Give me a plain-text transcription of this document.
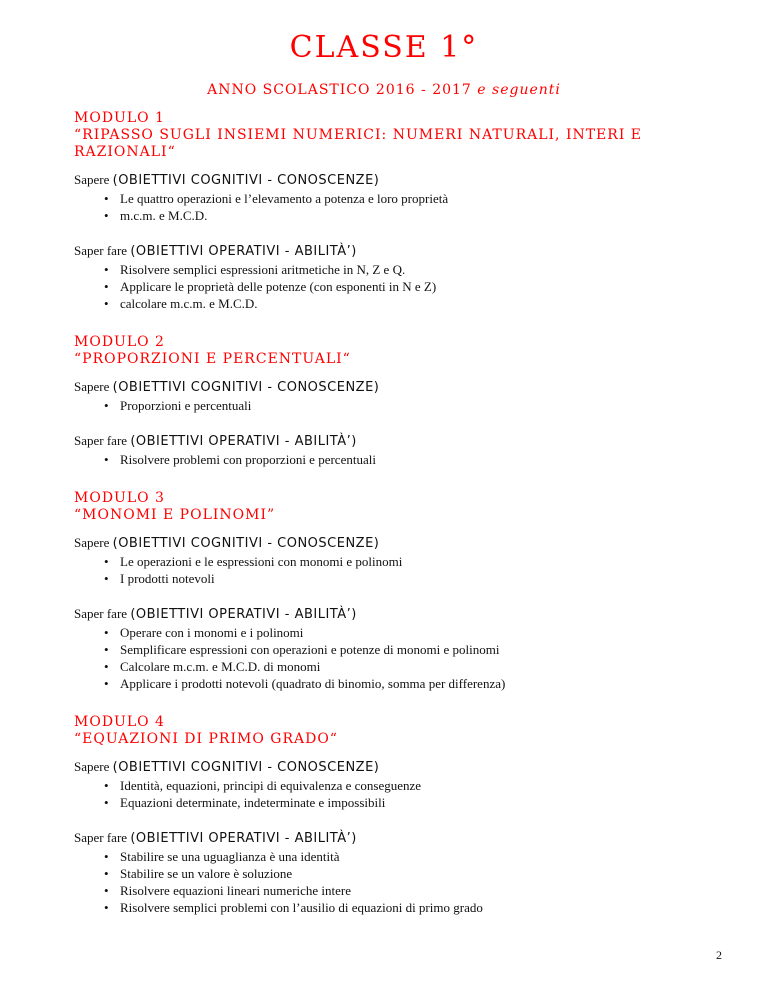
CLASSE 1°
ANNO SCOLASTICO 2016 - 2017 e seguenti
MODULO 1
“RIPASSO SUGLI INSIEMI NUMERICI: NUMERI NATURALI, INTERI E RAZIONALI“
Sapere (OBIETTIVI COGNITIVI - CONOSCENZE)
• Le quattro operazioni e l’elevamento a potenza e loro proprietà
• m.c.m. e M.C.D.
Saper fare (OBIETTIVI OPERATIVI - ABILITÀ’)
• Risolvere semplici espressioni aritmetiche in N, Z e Q.
• Applicare le proprietà delle potenze (con esponenti in N e Z)
• calcolare m.c.m. e M.C.D.
MODULO 2
“PROPORZIONI E PERCENTUALI“
Sapere (OBIETTIVI COGNITIVI - CONOSCENZE)
• Proporzioni e percentuali
Saper fare (OBIETTIVI OPERATIVI - ABILITÀ’)
• Risolvere problemi con proporzioni e percentuali
MODULO 3
“MONOMI E POLINOMI”
Sapere (OBIETTIVI COGNITIVI - CONOSCENZE)
• Le operazioni e le espressioni con monomi e polinomi
• I prodotti notevoli
Saper fare (OBIETTIVI OPERATIVI - ABILITÀ’)
• Operare con i monomi e i polinomi
• Semplificare espressioni con operazioni e potenze di monomi e polinomi
• Calcolare m.c.m. e M.C.D. di monomi
• Applicare i prodotti notevoli (quadrato di binomio, somma per differenza)
MODULO 4
“EQUAZIONI DI PRIMO GRADO“
Sapere (OBIETTIVI COGNITIVI - CONOSCENZE)
• Identità, equazioni, principi di equivalenza e conseguenze
• Equazioni determinate, indeterminate e impossibili
Saper fare (OBIETTIVI OPERATIVI - ABILITÀ’)
• Stabilire se una uguaglianza è una identità
• Stabilire se un valore è soluzione
• Risolvere equazioni lineari numeriche intere
• Risolvere semplici problemi con l’ausilio di equazioni di primo grado
2
